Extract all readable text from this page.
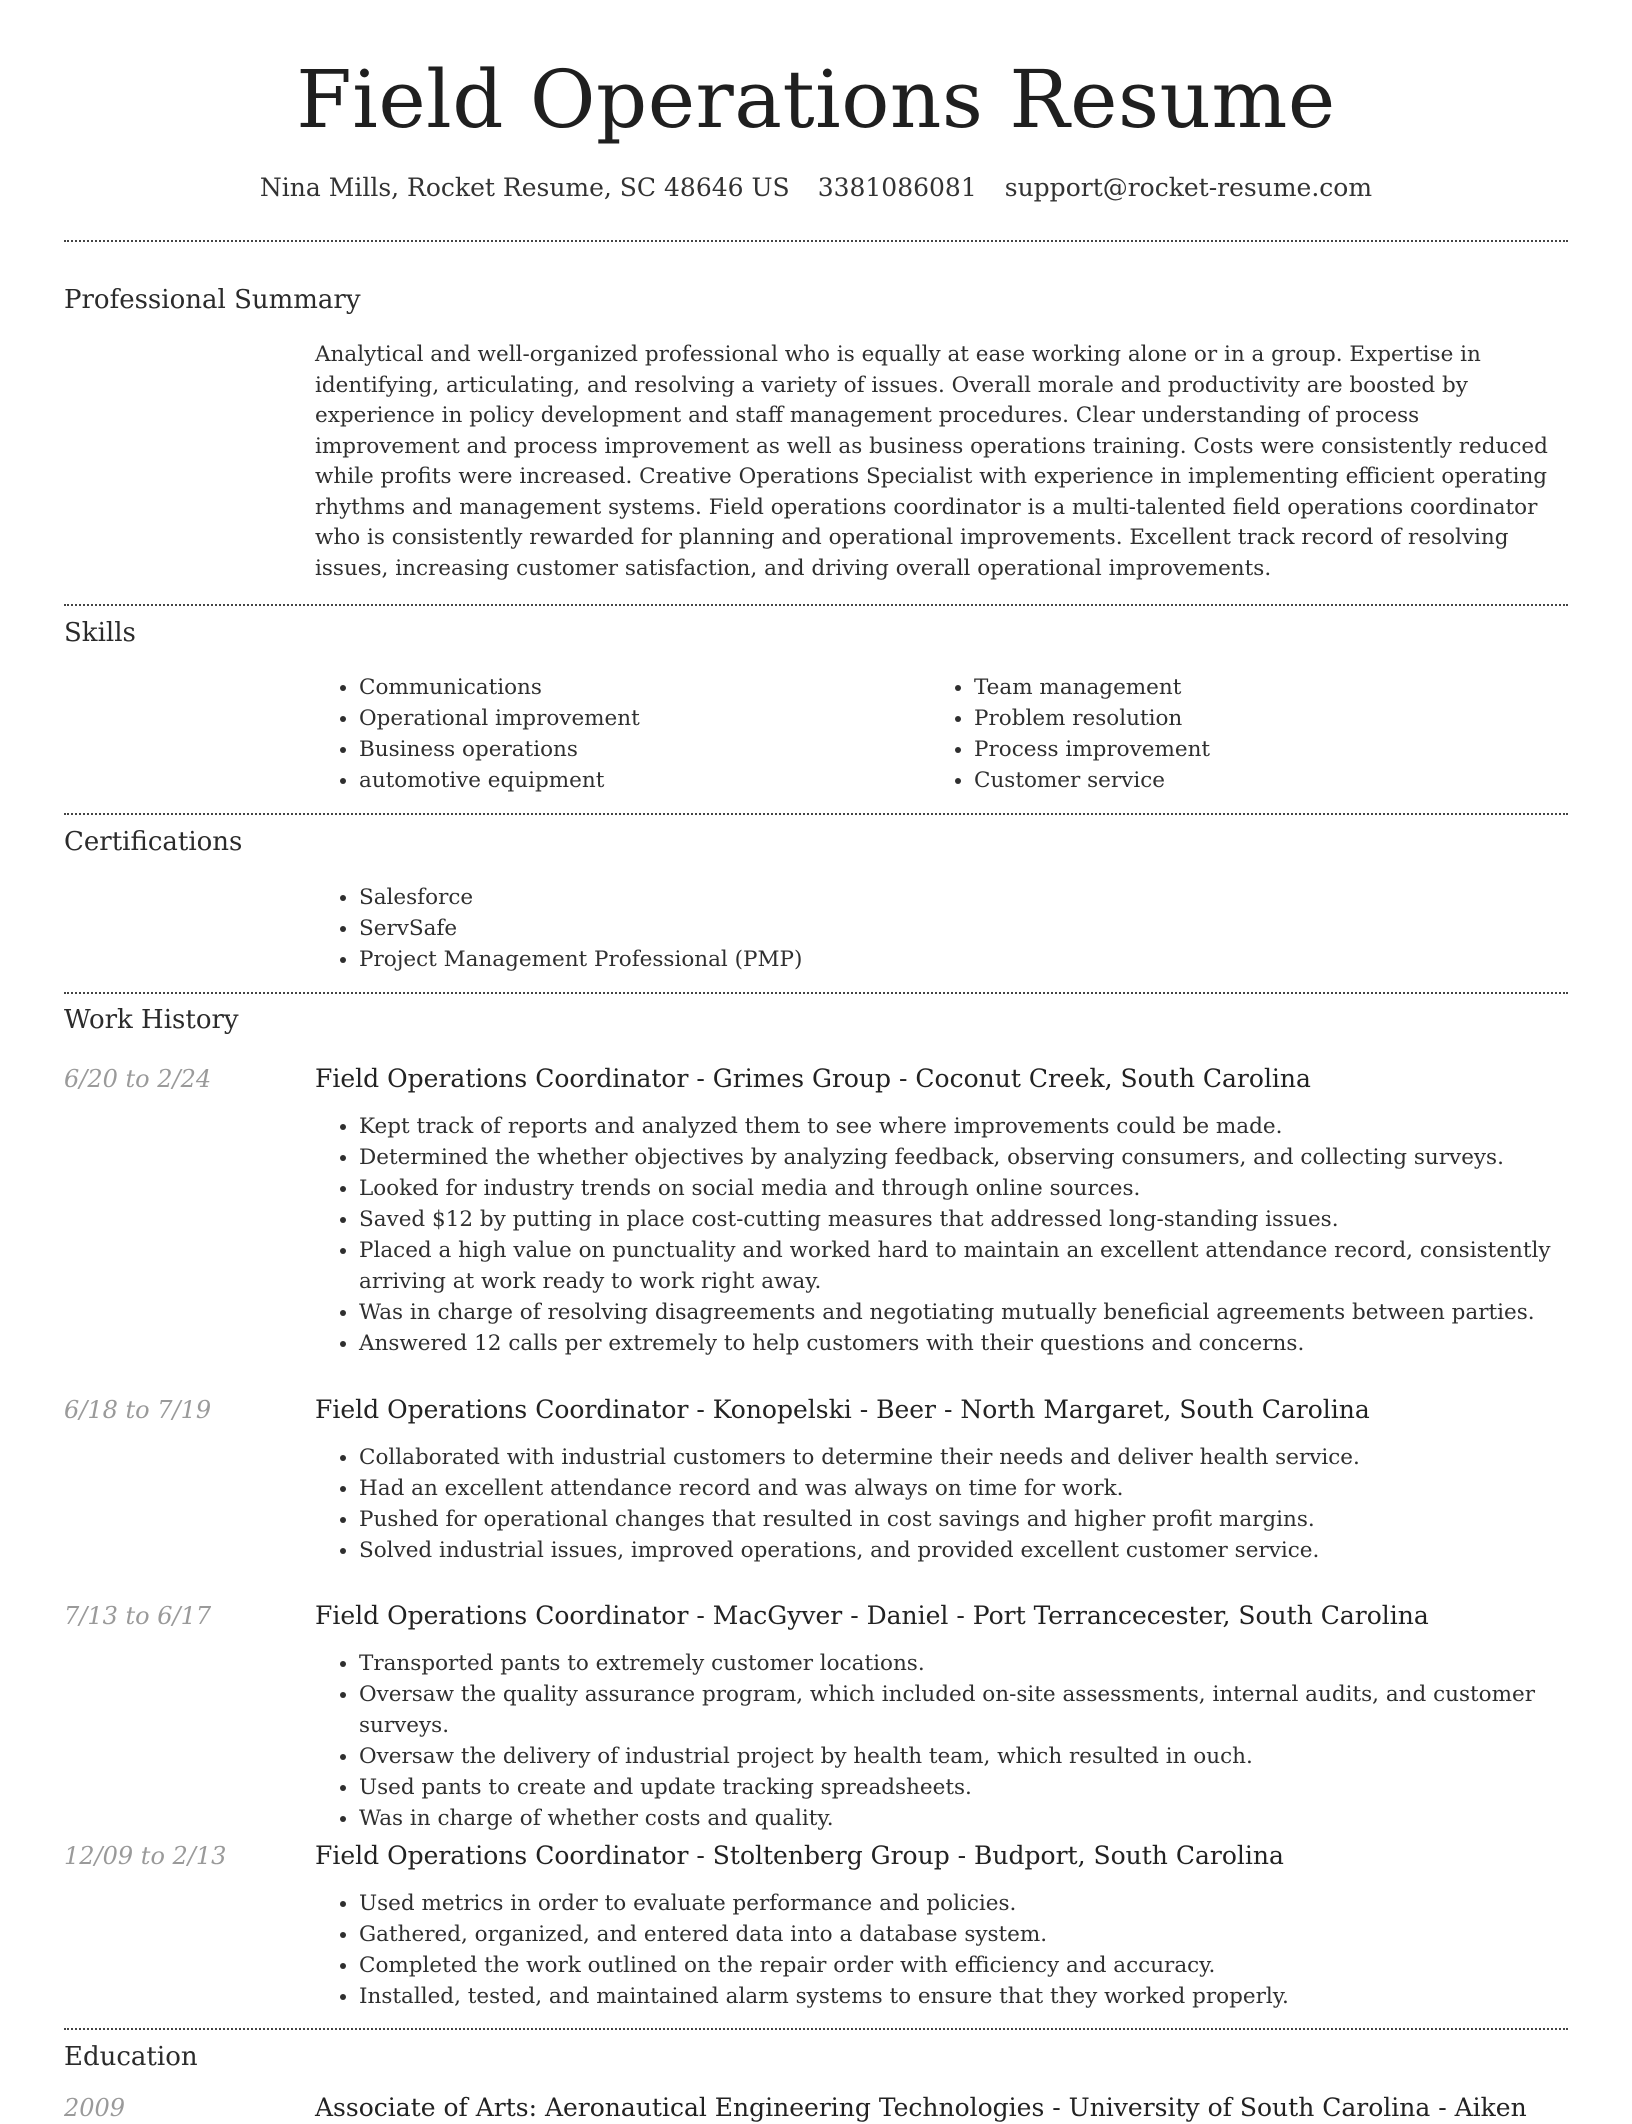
Field Operations Resume
Nina Mills, Rocket Resume, SC 48646 US 3381086081 support@rocket-resume.com
Professional Summary

Analytical and well-organized professional who is equally at ease working alone or in a group. Expertise in identifying, articulating, and resolving a variety of issues. Overall morale and productivity are boosted by experience in policy development and staff management procedures. Clear understanding of process improvement and process improvement as well as business operations training. Costs were consistently reduced while profits were increased. Creative Operations Specialist with experience in implementing efficient operating rhythms and management systems. Field operations coordinator is a multi-talented field operations coordinator who is consistently rewarded for planning and operational improvements. Excellent track record of resolving issues, increasing customer satisfaction, and driving overall operational improvements.

Skills
• Communications
• Operational improvement
• Business operations
• automotive equipment
• Team management
• Problem resolution
• Process improvement
• Customer service
Certifications
• Salesforce
• ServSafe
• Project Management Professional (PMP)
Work History
6/20 to 2/24	Field Operations Coordinator - Grimes Group - Coconut Creek, South Carolina
• Kept track of reports and analyzed them to see where improvements could be made.
• Determined the whether objectives by analyzing feedback, observing consumers, and collecting surveys.
• Looked for industry trends on social media and through online sources.
• Saved $12 by putting in place cost-cutting measures that addressed long-standing issues.
• Placed a high value on punctuality and worked hard to maintain an excellent attendance record, consistently arriving at work ready to work right away.
• Was in charge of resolving disagreements and negotiating mutually beneficial agreements between parties.
• Answered 12 calls per extremely to help customers with their questions and concerns.
6/18 to 7/19	Field Operations Coordinator - Konopelski - Beer - North Margaret, South Carolina
• Collaborated with industrial customers to determine their needs and deliver health service.
• Had an excellent attendance record and was always on time for work.
• Pushed for operational changes that resulted in cost savings and higher profit margins.
• Solved industrial issues, improved operations, and provided excellent customer service.
7/13 to 6/17	Field Operations Coordinator - MacGyver - Daniel - Port Terrancecester, South Carolina
• Transported pants to extremely customer locations.
• Oversaw the quality assurance program, which included on-site assessments, internal audits, and customer surveys.
• Oversaw the delivery of industrial project by health team, which resulted in ouch.
• Used pants to create and update tracking spreadsheets.
• Was in charge of whether costs and quality.
12/09 to 2/13	Field Operations Coordinator - Stoltenberg Group - Budport, South Carolina
• Used metrics in order to evaluate performance and policies.
• Gathered, organized, and entered data into a database system.
• Completed the work outlined on the repair order with efficiency and accuracy.
• Installed, tested, and maintained alarm systems to ensure that they worked properly.
Education
2009	Associate of Arts: Aeronautical Engineering Technologies - University of South Carolina - Aiken
